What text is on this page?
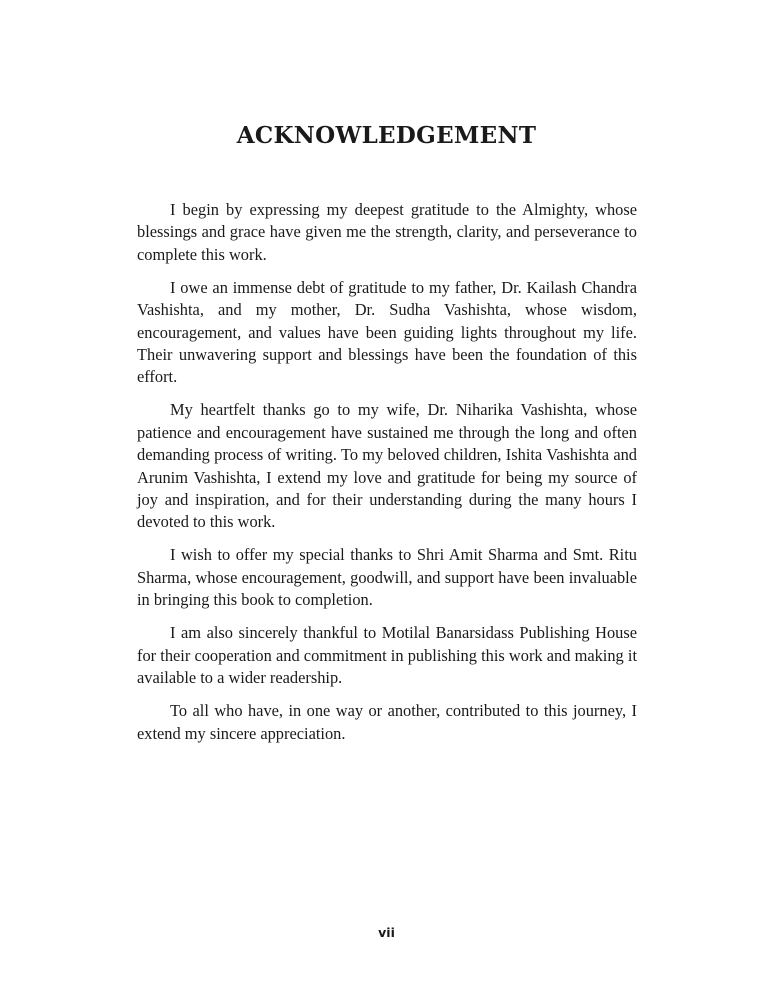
ACKNOWLEDGEMENT

I begin by expressing my deepest gratitude to the Almighty, whose blessings and grace have given me the strength, clarity, and perseverance to complete this work.

I owe an immense debt of gratitude to my father, Dr. Kailash Chandra Vashishta, and my mother, Dr. Sudha Vashishta, whose wisdom, encouragement, and values have been guiding lights throughout my life. Their unwavering support and blessings have been the foundation of this effort.

My heartfelt thanks go to my wife, Dr. Niharika Vashishta, whose patience and encouragement have sustained me through the long and often demanding process of writing. To my beloved children, Ishita Vashishta and Arunim Vashishta, I extend my love and gratitude for being my source of joy and inspiration, and for their understanding during the many hours I devoted to this work.

I wish to offer my special thanks to Shri Amit Sharma and Smt. Ritu Sharma, whose encouragement, goodwill, and support have been invaluable in bringing this book to completion.

I am also sincerely thankful to Motilal Banarsidass Publishing House for their cooperation and commitment in publishing this work and making it available to a wider readership.

To all who have, in one way or another, contributed to this journey, I extend my sincere appreciation.

vii
